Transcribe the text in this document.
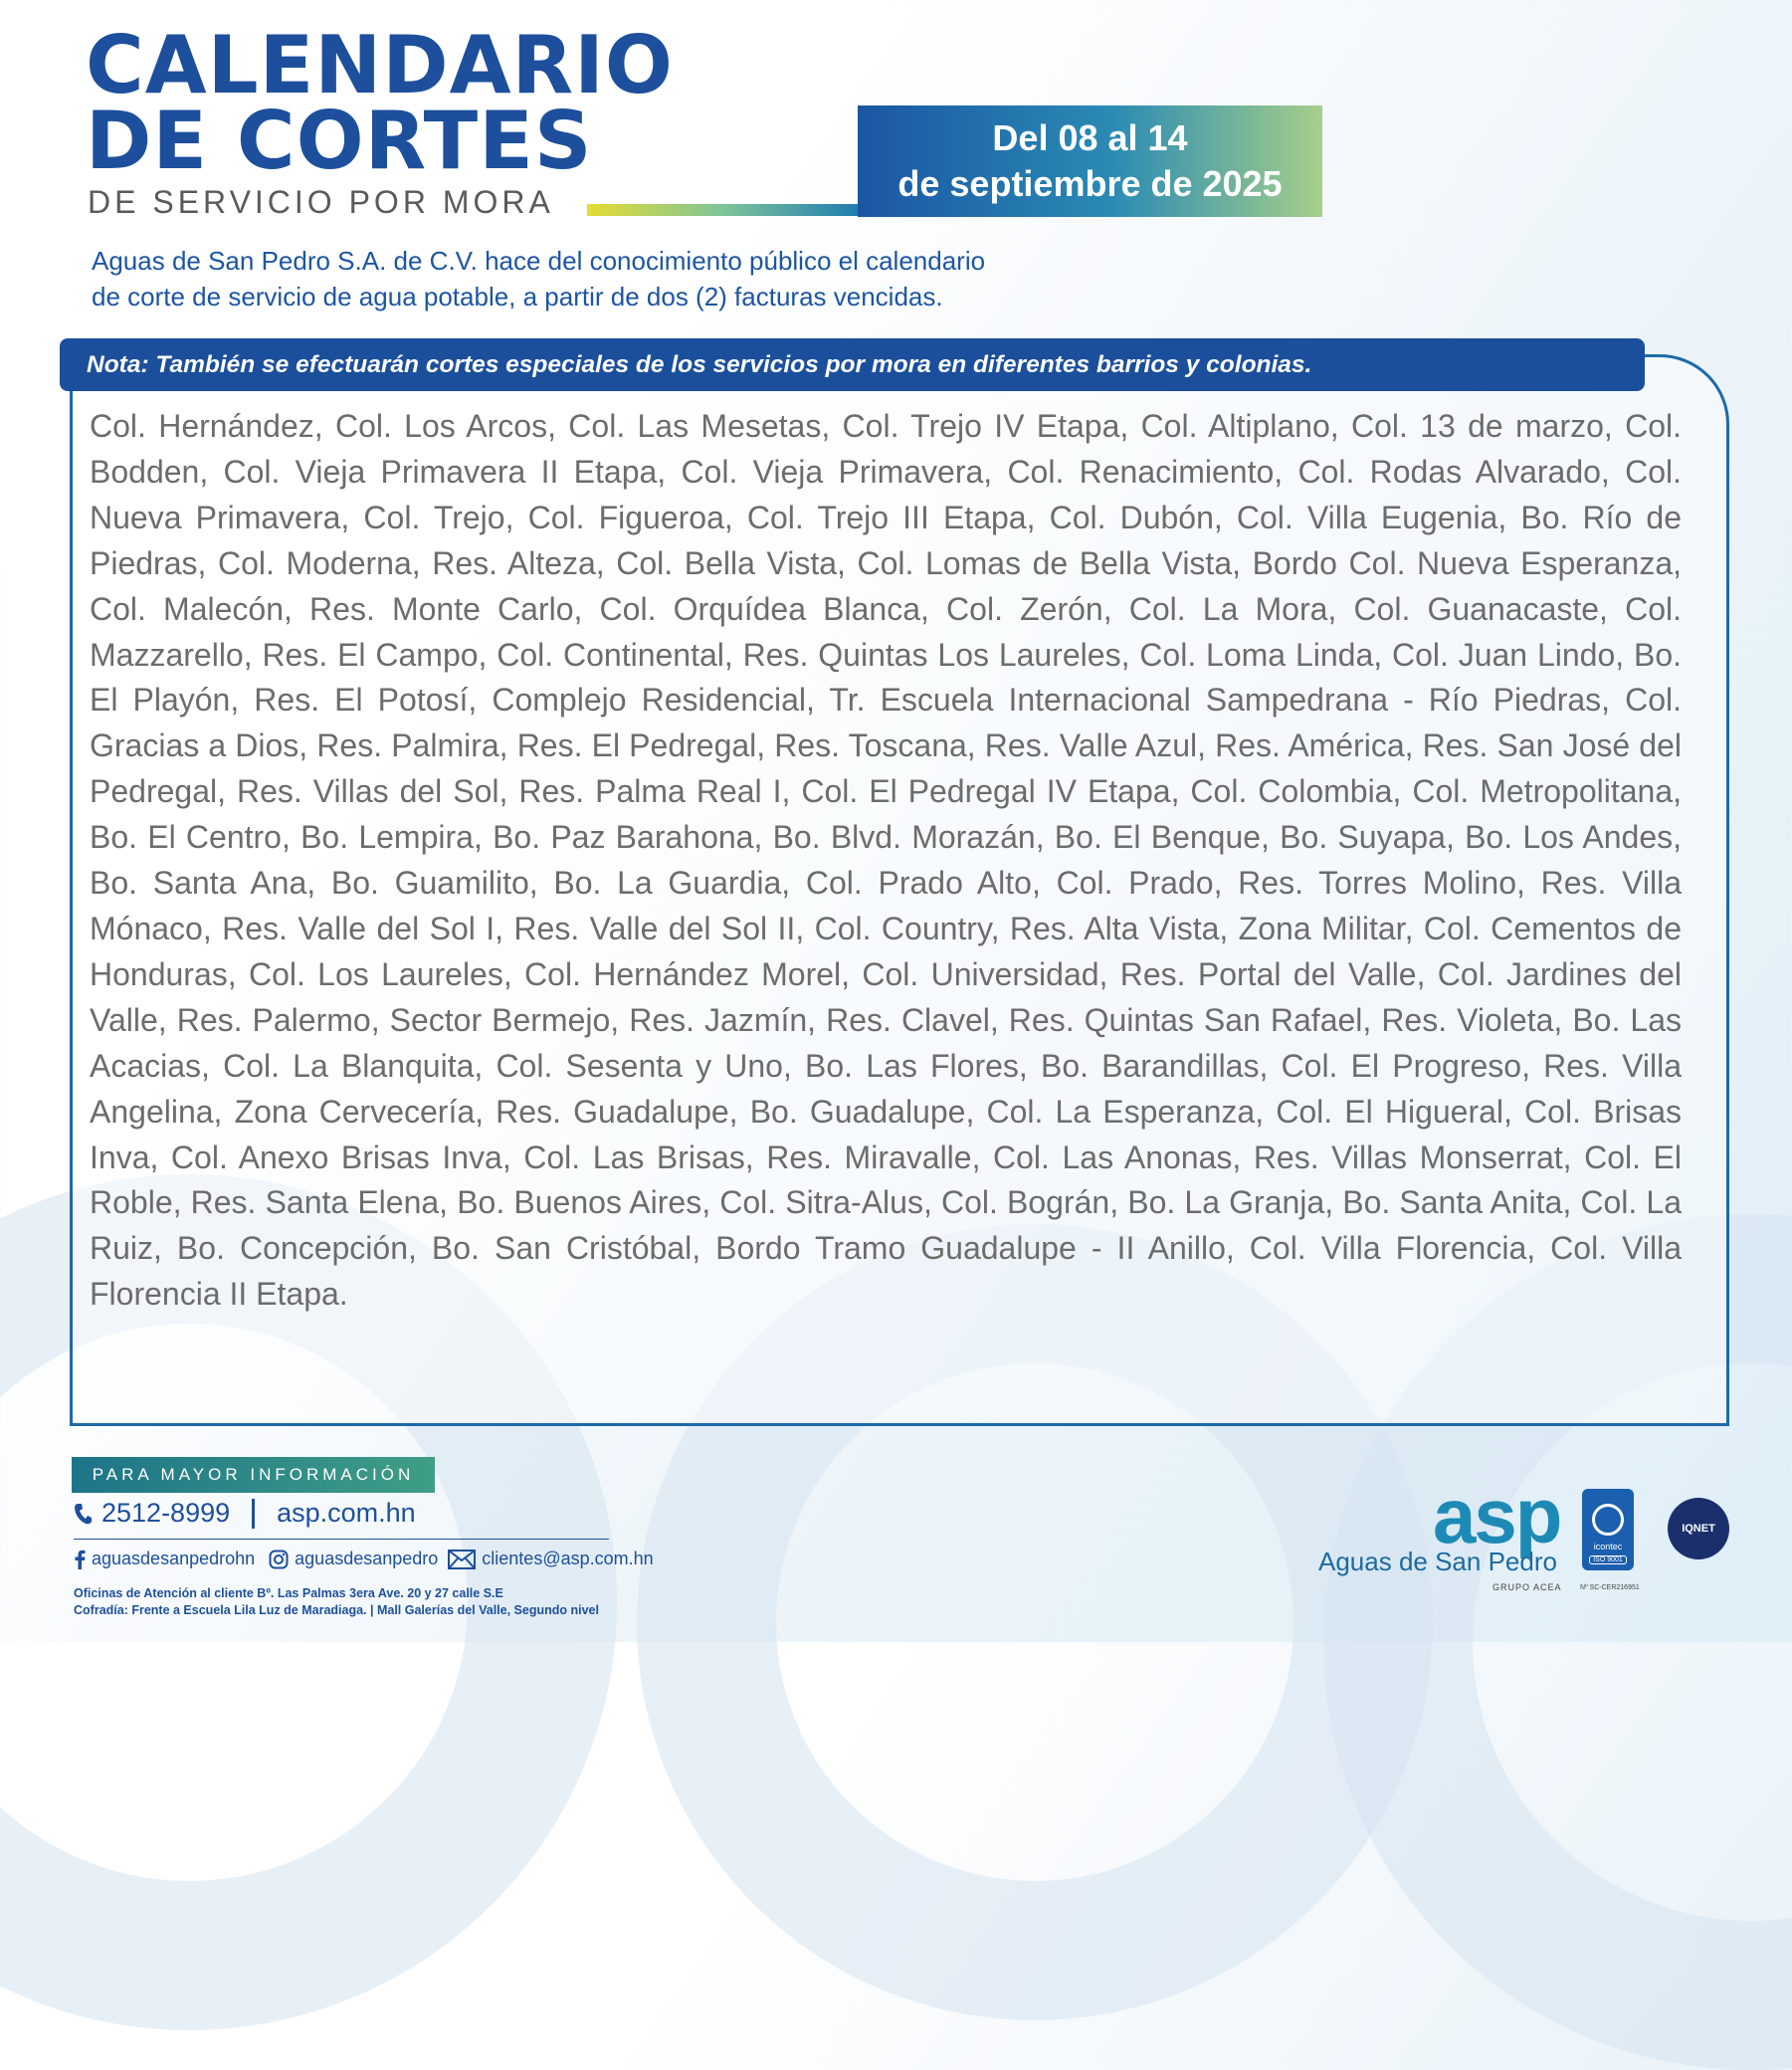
CALENDARIO
DE CORTES
DE SERVICIO POR MORA
Del 08 al 14
de septiembre de 2025
Aguas de San Pedro S.A. de C.V. hace del conocimiento público el calendario
de corte de servicio de agua potable, a partir de dos (2) facturas vencidas.
Nota: También se efectuarán cortes especiales de los servicios por mora en diferentes barrios y colonias.

Col. Hernández, Col. Los Arcos, Col. Las Mesetas, Col. Trejo IV Etapa, Col. Altiplano, Col. 13 de marzo, Col. Bodden, Col. Vieja Primavera II Etapa, Col. Vieja Primavera, Col. Renacimiento, Col. Rodas Alvarado, Col. Nueva Primavera, Col. Trejo, Col. Figueroa, Col. Trejo III Etapa, Col. Dubón, Col. Villa Eugenia, Bo. Río de Piedras, Col. Moderna, Res. Alteza, Col. Bella Vista, Col. Lomas de Bella Vista, Bordo Col. Nueva Esperanza, Col. Malecón, Res. Monte Carlo, Col. Orquídea Blanca, Col. Zerón, Col. La Mora, Col. Guanacaste, Col. Mazzarello, Res. El Campo, Col. Continental, Res. Quintas Los Laureles, Col. Loma Linda, Col. Juan Lindo, Bo. El Playón, Res. El Potosí, Complejo Residencial, Tr. Escuela Internacional Sampedrana - Río Piedras, Col. Gracias a Dios, Res. Palmira, Res. El Pedregal, Res. Toscana, Res. Valle Azul, Res. América, Res. San José del Pedregal, Res. Villas del Sol, Res. Palma Real I, Col. El Pedregal IV Etapa, Col. Colombia, Col. Metropolitana, Bo. El Centro, Bo. Lempira, Bo. Paz Barahona, Bo. Blvd. Morazán, Bo. El Benque, Bo. Suyapa, Bo. Los Andes, Bo. Santa Ana, Bo. Guamilito, Bo. La Guardia, Col. Prado Alto, Col. Prado, Res. Torres Molino, Res. Villa Mónaco, Res. Valle del Sol I, Res. Valle del Sol II, Col. Country, Res. Alta Vista, Zona Militar, Col. Cementos de Honduras, Col. Los Laureles, Col. Hernández Morel, Col. Universidad, Res. Portal del Valle, Col. Jardines del Valle, Res. Palermo, Sector Bermejo, Res. Jazmín, Res. Clavel, Res. Quintas San Rafael, Res. Violeta, Bo. Las Acacias, Col. La Blanquita, Col. Sesenta y Uno, Bo. Las Flores, Bo. Barandillas, Col. El Progreso, Res. Villa Angelina, Zona Cervecería, Res. Guadalupe, Bo. Guadalupe, Col. La Esperanza, Col. El Higueral, Col. Brisas Inva, Col. Anexo Brisas Inva, Col. Las Brisas, Res. Miravalle, Col. Las Anonas, Res. Villas Monserrat, Col. El Roble, Res. Santa Elena, Bo. Buenos Aires, Col. Sitra-Alus, Col. Bográn, Bo. La Granja, Bo. Santa Anita, Col. La Ruiz, Bo. Concepción, Bo. San Cristóbal, Bordo Tramo Guadalupe - II Anillo, Col. Villa Florencia, Col. Villa Florencia II Etapa.

PARA MAYOR INFORMACIÓN
2512-8999 asp.com.hn
aguasdesanpedrohn aguasdesanpedro clientes@asp.com.hn
Oficinas de Atención al cliente Bº. Las Palmas 3era Ave. 20 y 27 calle S.E
Cofradía: Frente a Escuela Lila Luz de Maradiaga. | Mall Galerías del Valle, Segundo nivel
asp
Aguas de San Pedro
GRUPO ACEA
icontec
ISO 9001
Nº SC-CER216951
IQNET
